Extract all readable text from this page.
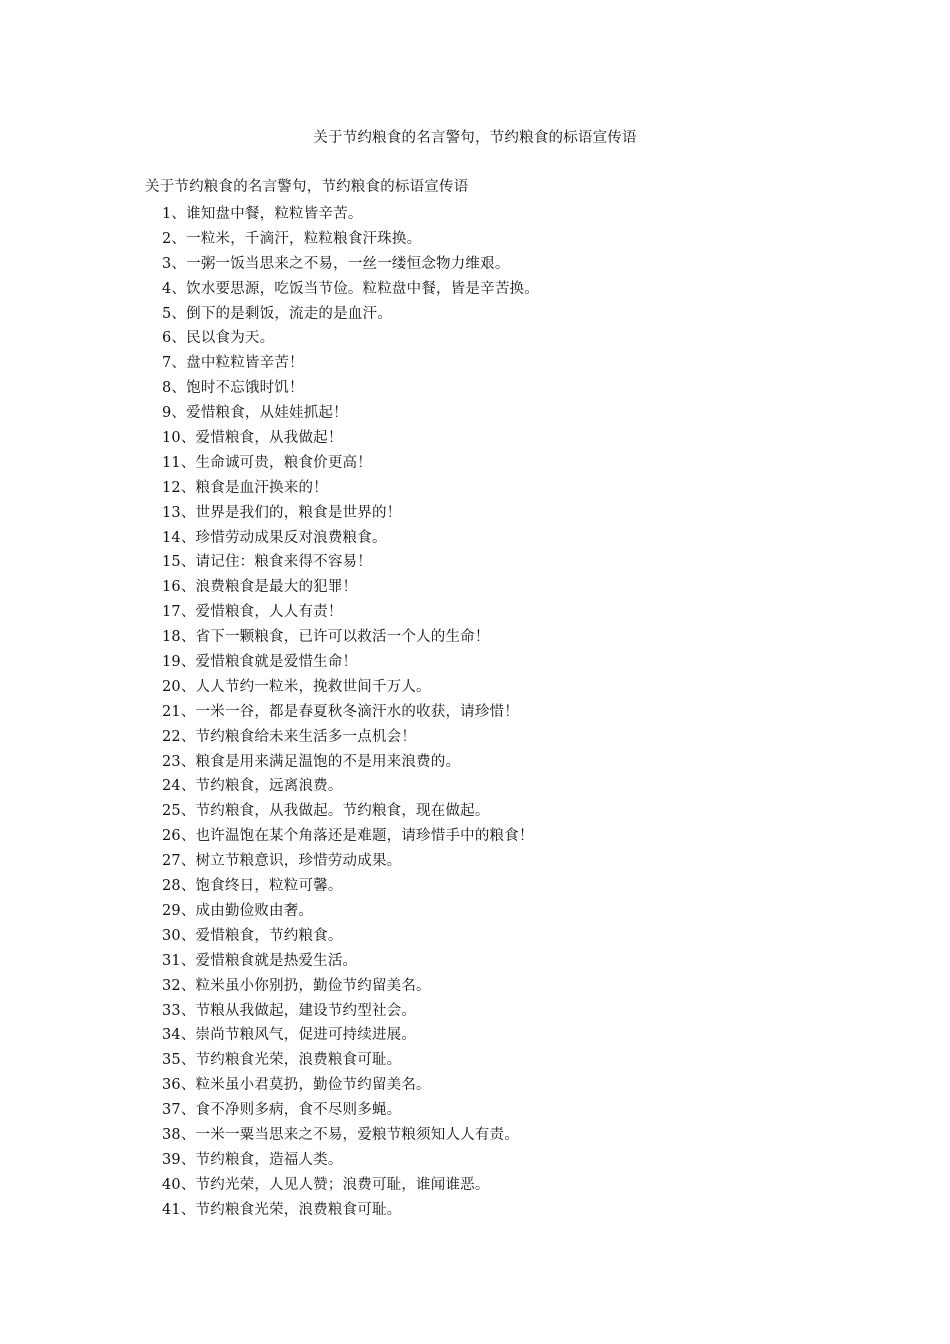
关于节约粮食的名言警句，节约粮食的标语宣传语
关于节约粮食的名言警句，节约粮食的标语宣传语
1、谁知盘中餐，粒粒皆辛苦。
2、一粒米，千滴汗，粒粒粮食汗珠换。
3、一粥一饭当思来之不易，一丝一缕恒念物力维艰。
4、饮水要思源，吃饭当节俭。粒粒盘中餐，皆是辛苦换。
5、倒下的是剩饭，流走的是血汗。
6、民以食为天。
7、盘中粒粒皆辛苦！
8、饱时不忘饿时饥！
9、爱惜粮食，从娃娃抓起！
10、爱惜粮食，从我做起！
11、生命诚可贵，粮食价更高！
12、粮食是血汗换来的！
13、世界是我们的，粮食是世界的！
14、珍惜劳动成果反对浪费粮食。
15、请记住：粮食来得不容易！
16、浪费粮食是最大的犯罪！
17、爱惜粮食，人人有责！
18、省下一颗粮食，已许可以救活一个人的生命！
19、爱惜粮食就是爱惜生命！
20、人人节约一粒米，挽救世间千万人。
21、一米一谷，都是春夏秋冬滴汗水的收获，请珍惜！
22、节约粮食给未来生活多一点机会！
23、粮食是用来满足温饱的不是用来浪费的。
24、节约粮食，远离浪费。
25、节约粮食，从我做起。节约粮食，现在做起。
26、也许温饱在某个角落还是难题，请珍惜手中的粮食！
27、树立节粮意识，珍惜劳动成果。
28、饱食终日，粒粒可馨。
29、成由勤俭败由奢。
30、爱惜粮食，节约粮食。
31、爱惜粮食就是热爱生活。
32、粒米虽小你别扔，勤俭节约留美名。
33、节粮从我做起，建设节约型社会。
34、崇尚节粮风气，促进可持续进展。
35、节约粮食光荣，浪费粮食可耻。
36、粒米虽小君莫扔，勤俭节约留美名。
37、食不净则多病，食不尽则多蝇。
38、一米一粟当思来之不易，爱粮节粮须知人人有责。
39、节约粮食，造福人类。
40、节约光荣，人见人赞；浪费可耻，谁闻谁恶。
41、节约粮食光荣，浪费粮食可耻。
